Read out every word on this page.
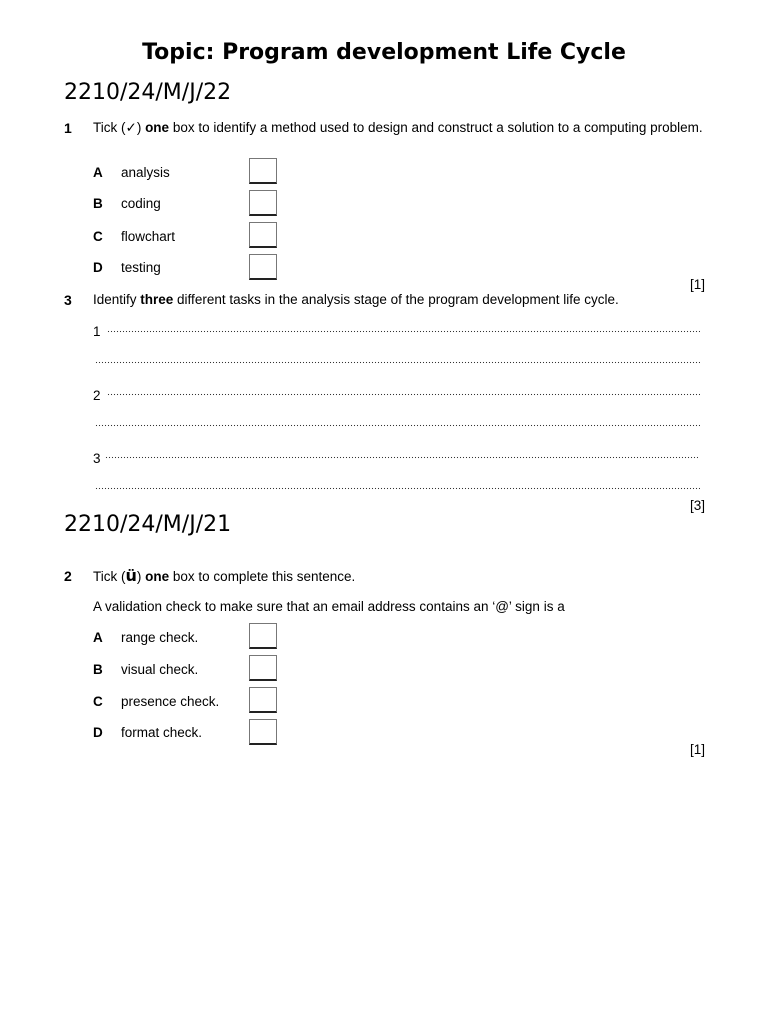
Topic: Program development Life Cycle
2210/24/M/J/22
1 Tick (✓) one box to identify a method used to design and construct a solution to a computing problem.
A analysis
B coding
C flowchart
D testing
[1]
3 Identify three different tasks in the analysis stage of the program development life cycle.
1
2
3
[3]
2210/24/M/J/21
2 Tick (ü) one box to complete this sentence.
A validation check to make sure that an email address contains an ‘@’ sign is a
A range check.
B visual check.
C presence check.
D format check.
[1]
